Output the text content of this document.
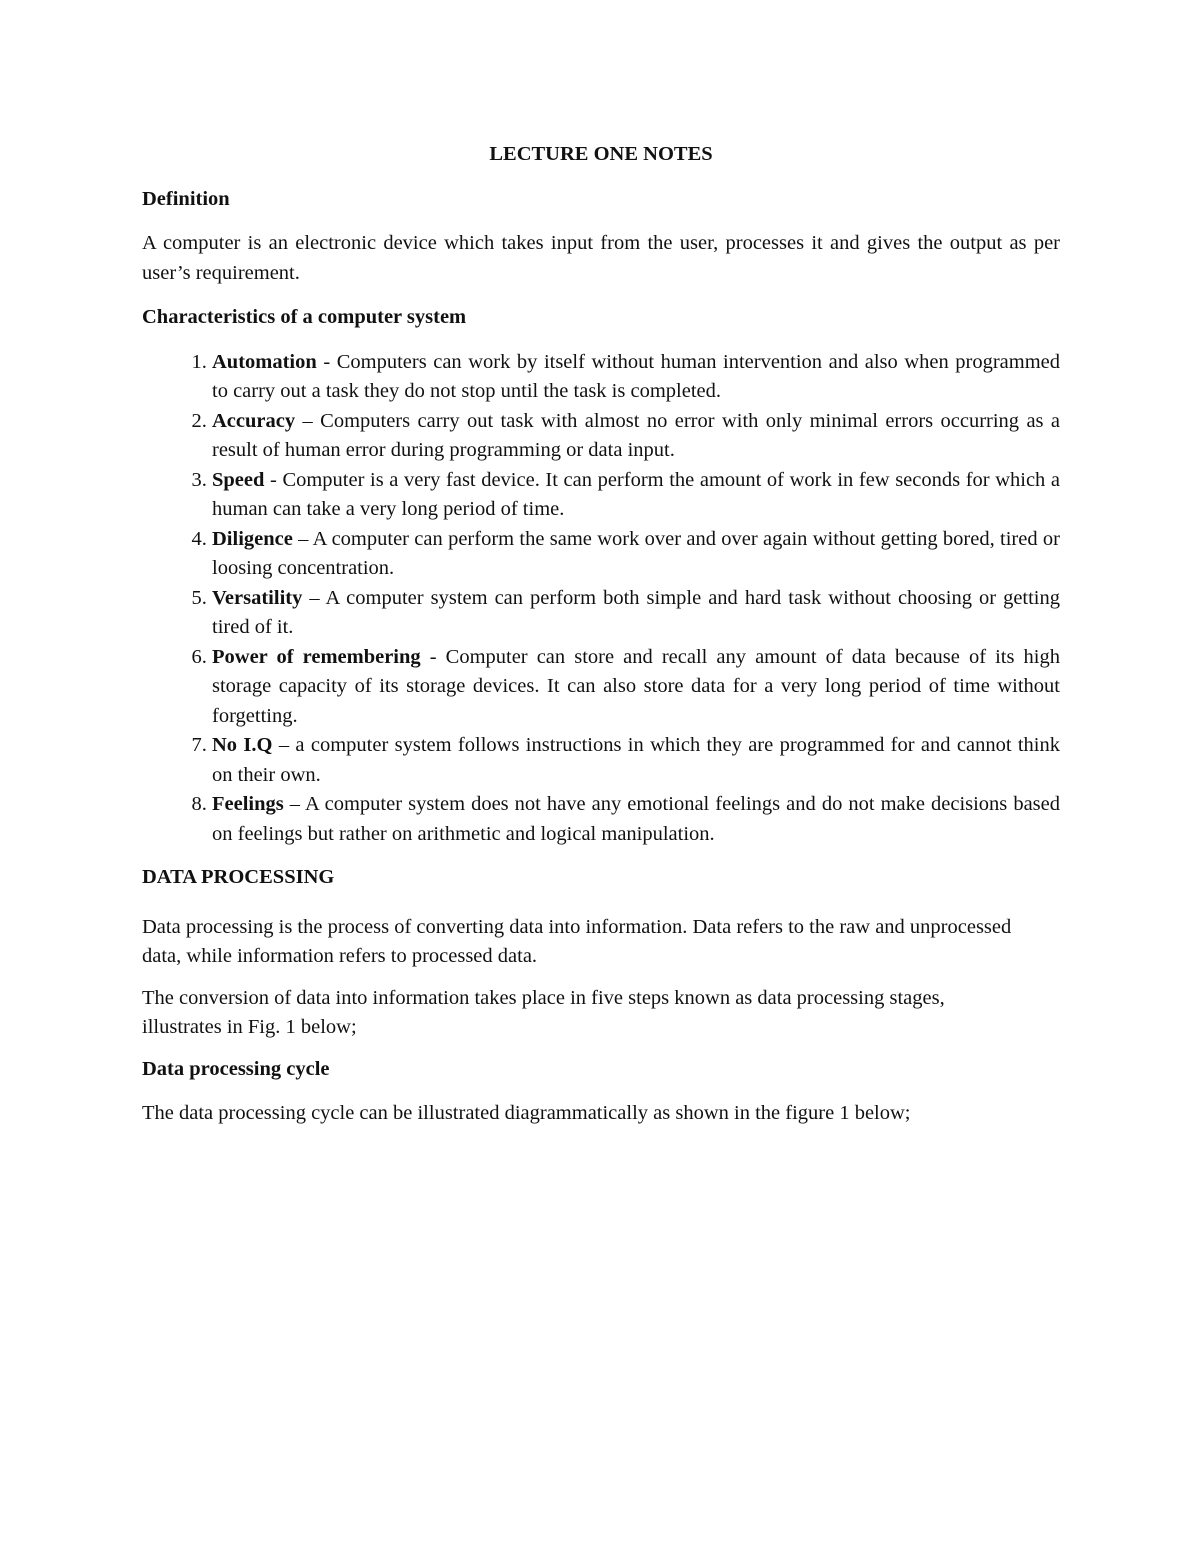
LECTURE ONE NOTES
Definition

A computer is an electronic device which takes input from the user, processes it and gives the output as per user’s requirement.

Characteristics of a computer system
1. Automation - Computers can work by itself without human intervention and also when programmed to carry out a task they do not stop until the task is completed.
2. Accuracy – Computers carry out task with almost no error with only minimal errors occurring as a result of human error during programming or data input.
3. Speed - Computer is a very fast device. It can perform the amount of work in few seconds for which a human can take a very long period of time.
4. Diligence – A computer can perform the same work over and over again without getting bored, tired or loosing concentration.
5. Versatility – A computer system can perform both simple and hard task without choosing or getting tired of it.
6. Power of remembering - Computer can store and recall any amount of data because of its high storage capacity of its storage devices. It can also store data for a very long period of time without forgetting.
7. No I.Q – a computer system follows instructions in which they are programmed for and cannot think on their own.
8. Feelings – A computer system does not have any emotional feelings and do not make decisions based on feelings but rather on arithmetic and logical manipulation.
DATA PROCESSING

Data processing is the process of converting data into information. Data refers to the raw and unprocessed data, while information refers to processed data.

The conversion of data into information takes place in five steps known as data processing stages, illustrates in Fig. 1 below;

Data processing cycle

The data processing cycle can be illustrated diagrammatically as shown in the figure 1 below;
